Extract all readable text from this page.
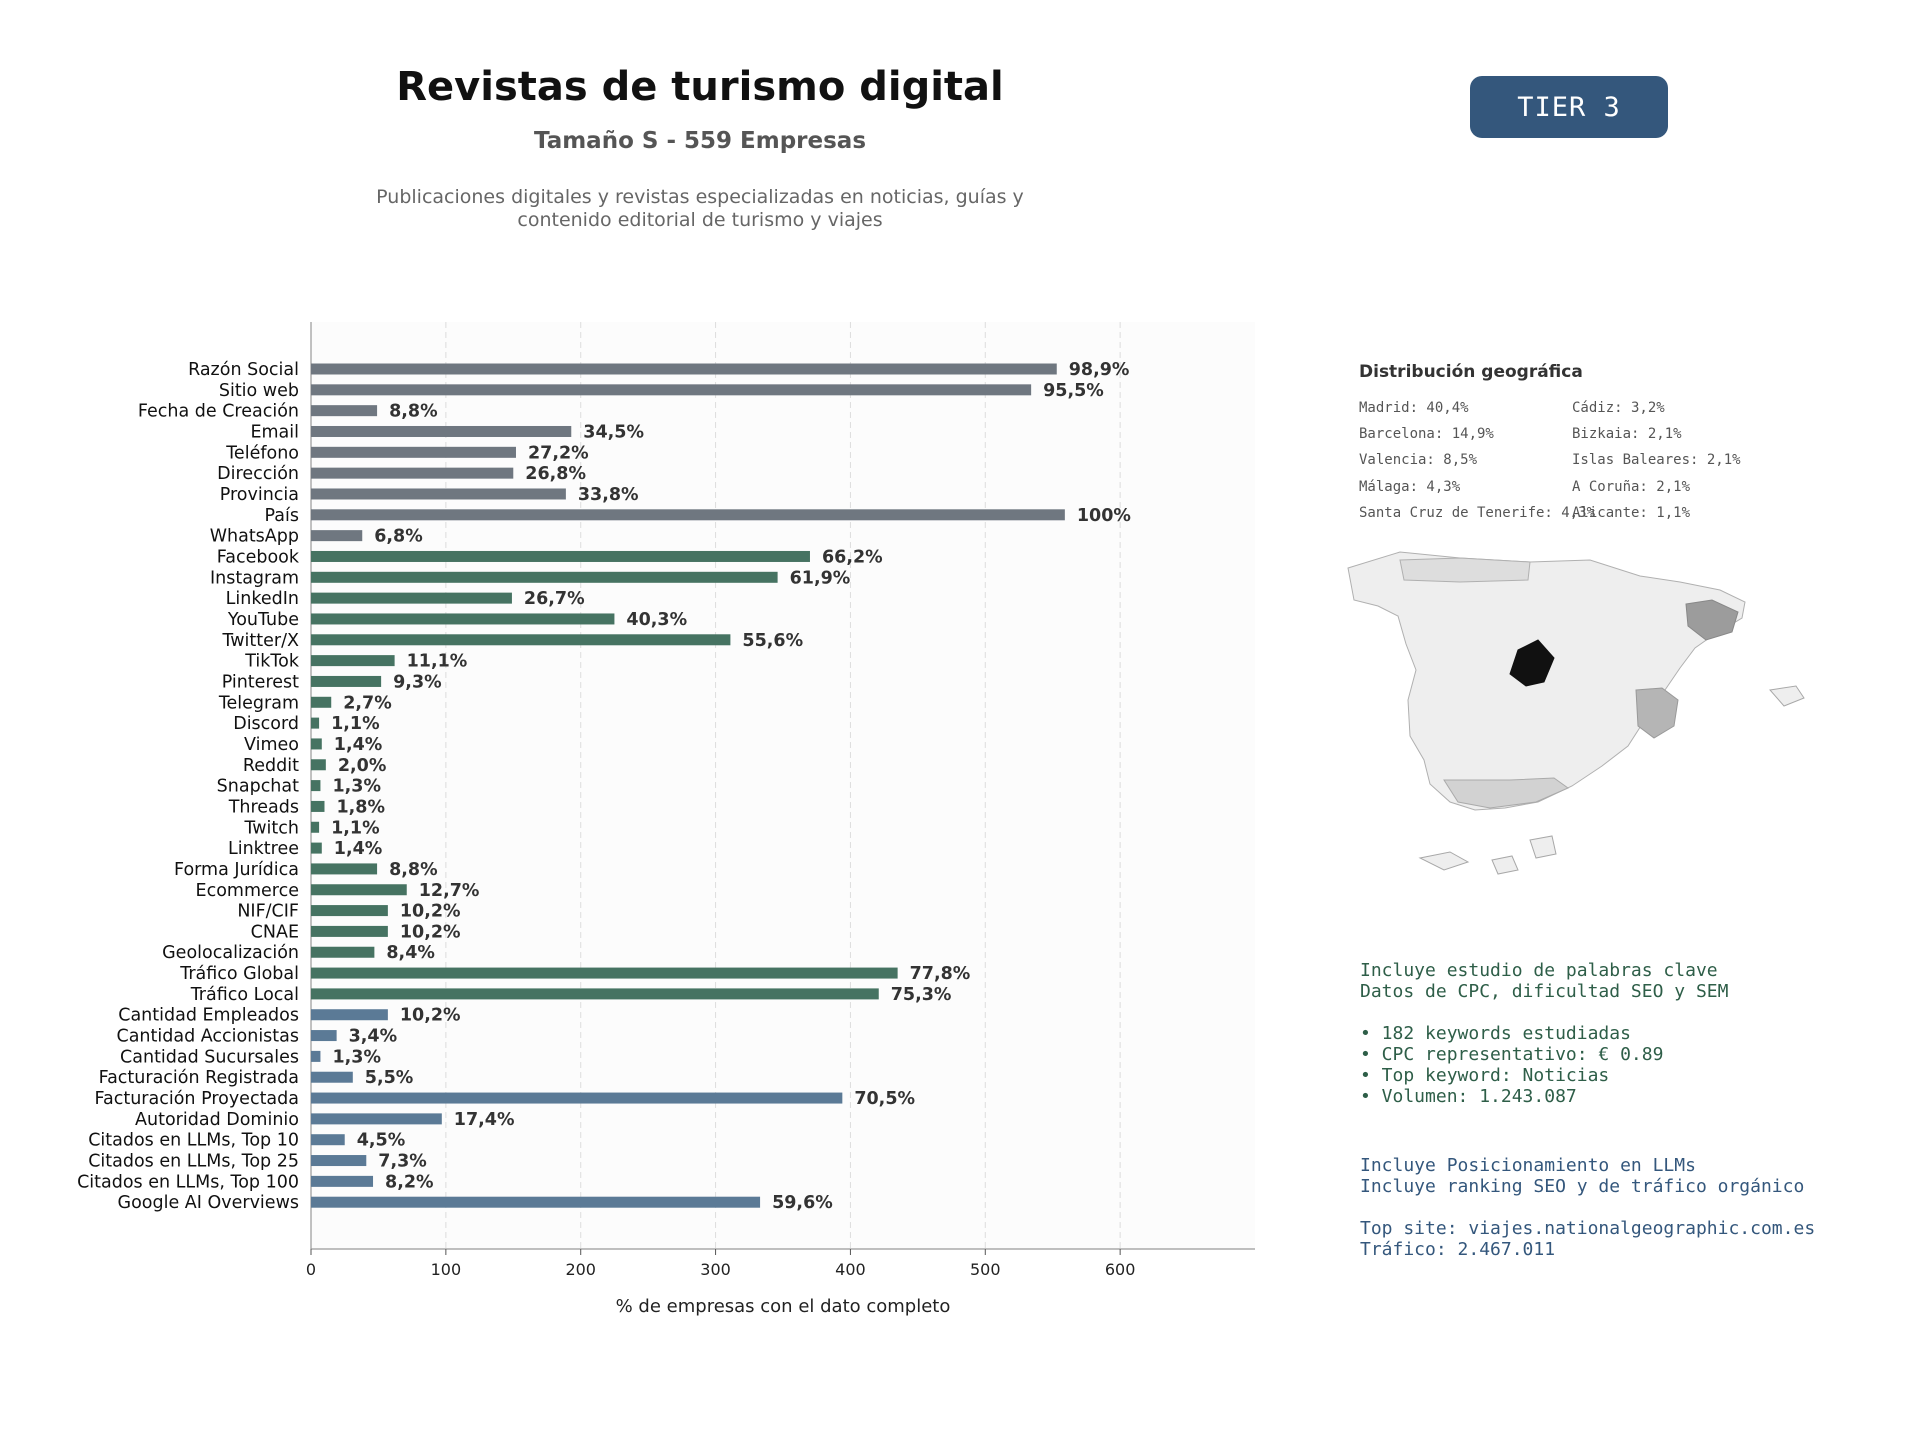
Revistas de turismo digital
Tamaño S - 559 Empresas
Publicaciones digitales y revistas especializadas en noticias, guías y
contenido editorial de turismo y viajes
TIER 3
0	100	200	300	400	500	600
% de empresas con el dato completo
Razón Social	98,9%
Sitio web	95,5%
Fecha de Creación	8,8%
Email	34,5%
Teléfono	27,2%
Dirección	26,8%
Provincia	33,8%
País	100%
WhatsApp	6,8%
Facebook	66,2%
Instagram	61,9%
LinkedIn	26,7%
YouTube	40,3%
Twitter/X	55,6%
TikTok	11,1%
Pinterest	9,3%
Telegram	2,7%
Discord 1,1%
Vimeo 1,4%
Reddit 2,0%
Snapchat 1,3%
Threads 1,8%
Twitch 1,1%
Linktree 1,4%
Forma Jurídica	8,8%
Ecommerce	12,7%
NIF/CIF	10,2%
CNAE	10,2%
Geolocalización	8,4%
Tráfico Global	77,8%
Tráfico Local	75,3%
Cantidad Empleados	10,2%
Cantidad Accionistas	3,4%
Cantidad Sucursales 1,3%
Facturación Registrada	5,5%
Facturación Proyectada	70,5%
Autoridad Dominio	17,4%
Citados en LLMs, Top 10	4,5%
Citados en LLMs, Top 25	7,3%
Citados en LLMs, Top 100	8,2%
Google AI Overviews	59,6%
Distribución geográfica
Madrid: 40,4%
Barcelona: 14,9%
Valencia: 8,5%
Málaga: 4,3%
Santa Cruz de Tenerife: 4,3%
Cádiz: 3,2%
Bizkaia: 2,1%
Islas Baleares: 2,1%
A Coruña: 2,1%
Alicante: 1,1%
Incluye estudio de palabras clave
Datos de CPC, dificultad SEO y SEM
• 182 keywords estudiadas
• CPC representativo: € 0.89
• Top keyword: Noticias
• Volumen: 1.243.087
Incluye Posicionamiento en LLMs
Incluye ranking SEO y de tráfico orgánico
Top site: viajes.nationalgeographic.com.es
Tráfico: 2.467.011
